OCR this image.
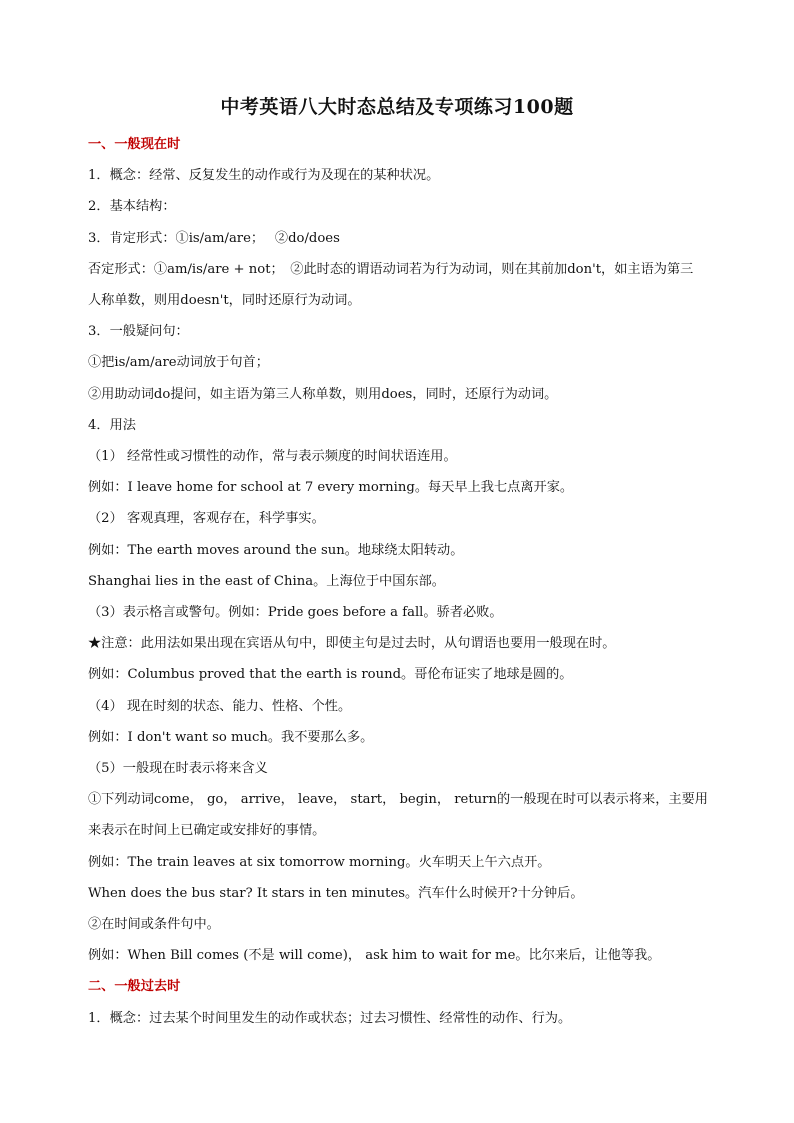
中考英语八大时态总结及专项练习100题
一、一般现在时
1．概念：经常、反复发生的动作或行为及现在的某种状况。
2．基本结构：
3．肯定形式：①is/am/are；　 ②do/does
否定形式：①am/is/are + not；　②此时态的谓语动词若为行为动词，则在其前加don't，如主语为第三
人称单数，则用doesn't，同时还原行为动词。
3．一般疑问句：
①把is/am/are动词放于句首；
②用助动词do提问，如主语为第三人称单数，则用does，同时，还原行为动词。
4．用法
（1） 经常性或习惯性的动作，常与表示频度的时间状语连用。
例如：I leave home for school at 7 every morning。每天早上我七点离开家。
（2） 客观真理，客观存在，科学事实。
例如：The earth moves around the sun。地球绕太阳转动。
Shanghai lies in the east of China。上海位于中国东部。
（3）表示格言或警句。例如：Pride goes before a fall。骄者必败。
★注意：此用法如果出现在宾语从句中，即使主句是过去时，从句谓语也要用一般现在时。
例如：Columbus proved that the earth is round。哥伦布证实了地球是圆的。
（4） 现在时刻的状态、能力、性格、个性。
例如：I don't want so much。我不要那么多。
（5）一般现在时表示将来含义
①下列动词come， go， arrive， leave， start， begin， return的一般现在时可以表示将来，主要用
来表示在时间上已确定或安排好的事情。
例如：The train leaves at six tomorrow morning。火车明天上午六点开。
When does the bus star? It stars in ten minutes。汽车什么时候开?十分钟后。
②在时间或条件句中。
例如：When Bill comes (不是 will come)， ask him to wait for me。比尔来后，让他等我。
二、一般过去时
1．概念：过去某个时间里发生的动作或状态；过去习惯性、经常性的动作、行为。
